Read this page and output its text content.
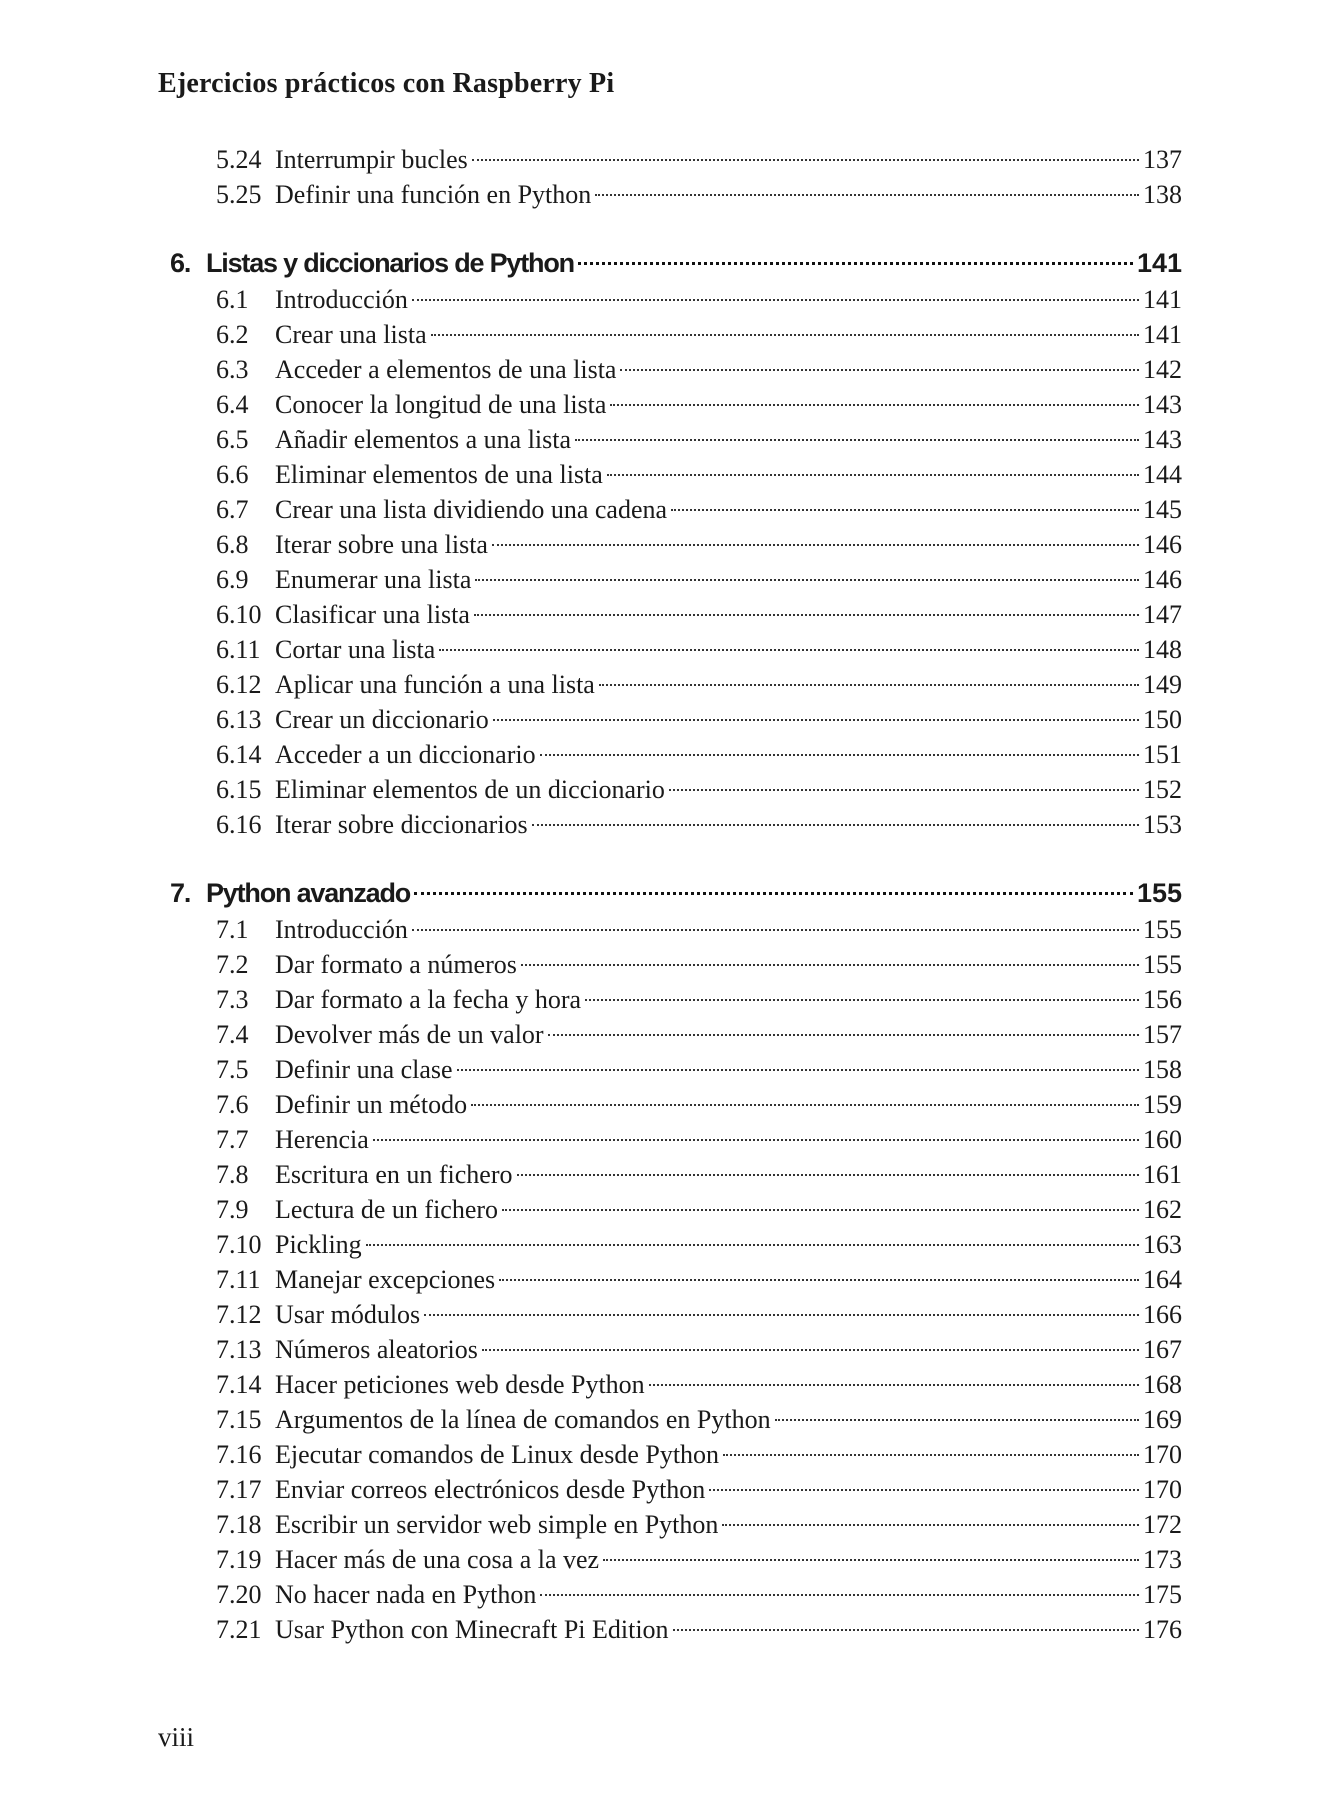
Ejercicios prácticos con Raspberry Pi
5.24 Interrumpir bucles	137
5.25 Definir una función en Python	138
6. Listas y diccionarios de Python	141
6.1	Introducción	141
6.2	Crear una lista	141
6.3	Acceder a elementos de una lista	142
6.4	Conocer la longitud de una lista	143
6.5	Añadir elementos a una lista	143
6.6	Eliminar elementos de una lista	144
6.7	Crear una lista dividiendo una cadena	145
6.8	Iterar sobre una lista	146
6.9	Enumerar una lista	146
6.10 Clasificar una lista	147
6.11 Cortar una lista	148
6.12 Aplicar una función a una lista	149
6.13 Crear un diccionario	150
6.14 Acceder a un diccionario	151
6.15 Eliminar elementos de un diccionario	152
6.16 Iterar sobre diccionarios	153
7. Python avanzado	155
7.1	Introducción	155
7.2	Dar formato a números	155
7.3	Dar formato a la fecha y hora	156
7.4	Devolver más de un valor	157
7.5	Definir una clase	158
7.6	Definir un método	159
7.7	Herencia	160
7.8	Escritura en un fichero	161
7.9	Lectura de un fichero	162
7.10 Pickling	163
7.11 Manejar excepciones	164
7.12 Usar módulos	166
7.13 Números aleatorios	167
7.14 Hacer peticiones web desde Python	168
7.15 Argumentos de la línea de comandos en Python	169
7.16 Ejecutar comandos de Linux desde Python	170
7.17 Enviar correos electrónicos desde Python	170
7.18 Escribir un servidor web simple en Python	172
7.19 Hacer más de una cosa a la vez	173
7.20 No hacer nada en Python	175
7.21 Usar Python con Minecraft Pi Edition	176
viii
